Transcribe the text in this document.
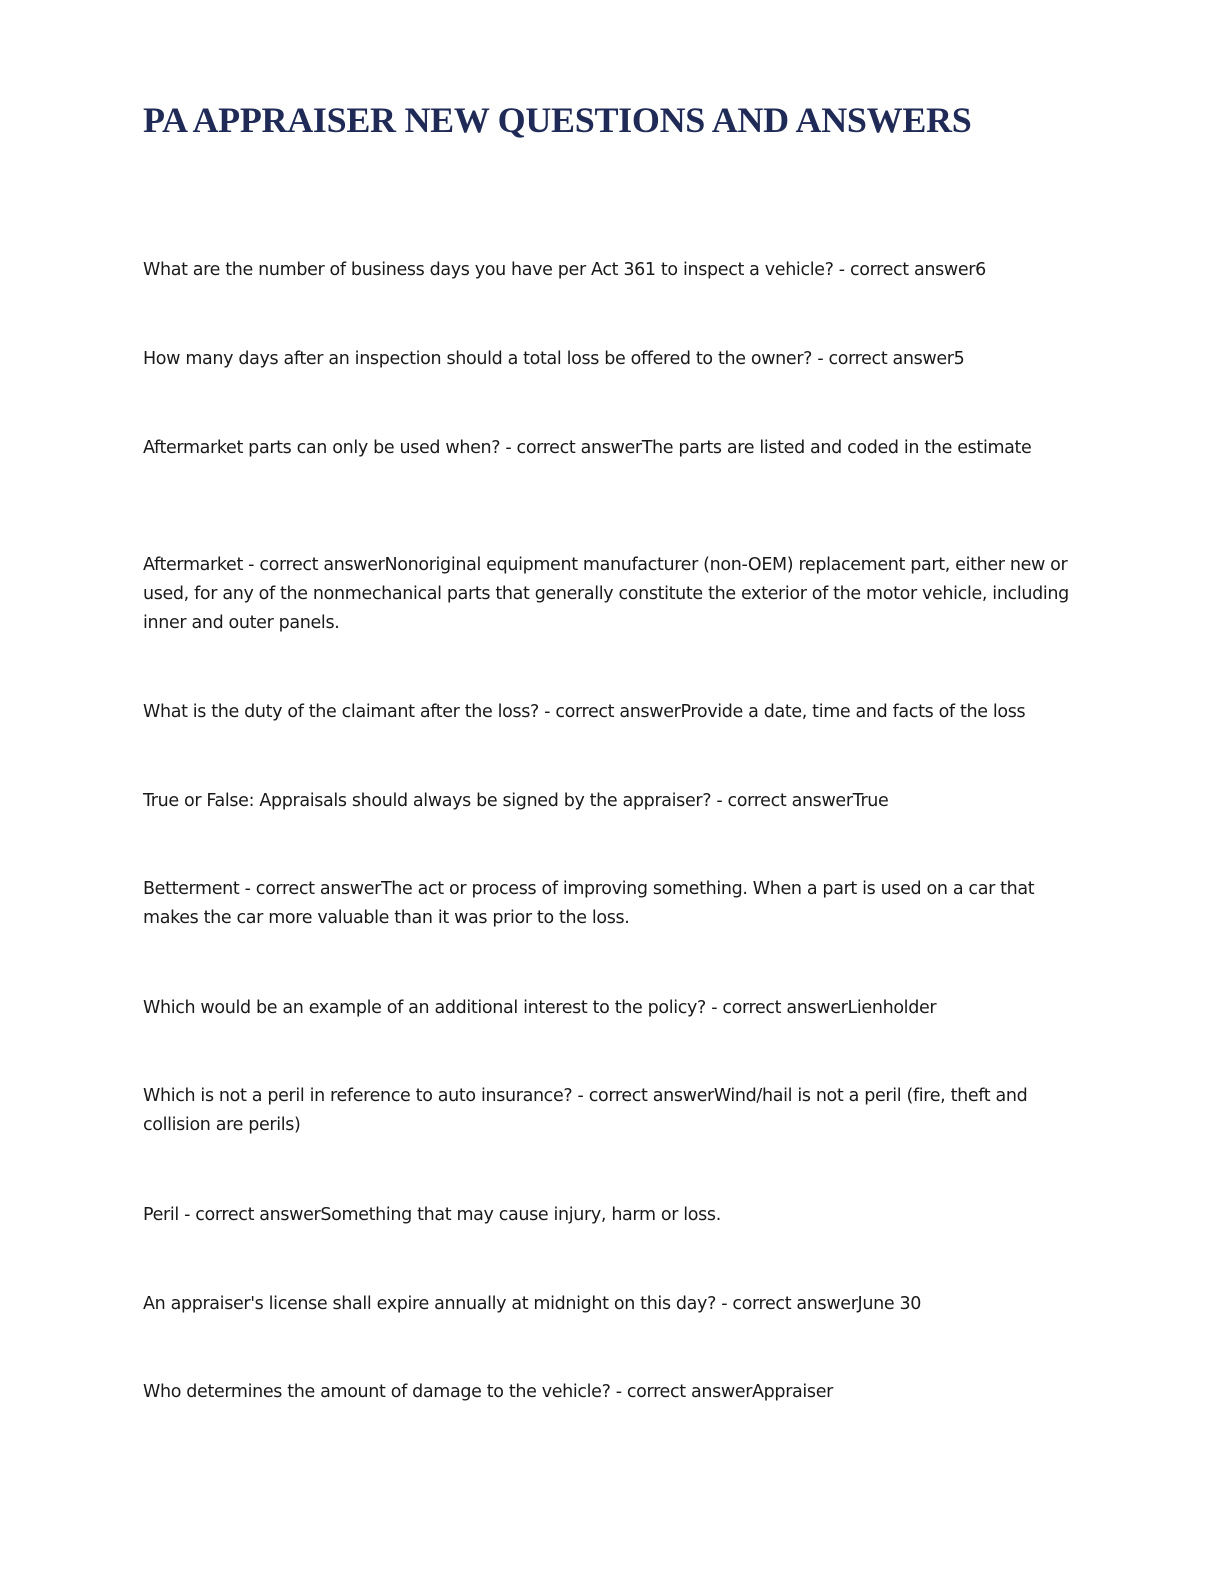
PA APPRAISER NEW QUESTIONS AND ANSWERS

What are the number of business days you have per Act 361 to inspect a vehicle? - correct answer6

How many days after an inspection should a total loss be offered to the owner? - correct answer5

Aftermarket parts can only be used when? - correct answerThe parts are listed and coded in the estimate

Aftermarket - correct answerNonoriginal equipment manufacturer (non-OEM) replacement part, either new or used, for any of the nonmechanical parts that generally constitute the exterior of the motor vehicle, including inner and outer panels.

What is the duty of the claimant after the loss? - correct answerProvide a date, time and facts of the loss

True or False: Appraisals should always be signed by the appraiser? - correct answerTrue

Betterment - correct answerThe act or process of improving something. When a part is used on a car that makes the car more valuable than it was prior to the loss.

Which would be an example of an additional interest to the policy? - correct answerLienholder

Which is not a peril in reference to auto insurance? - correct answerWind/hail is not a peril (fire, theft and collision are perils)

Peril - correct answerSomething that may cause injury, harm or loss.

An appraiser's license shall expire annually at midnight on this day? - correct answerJune 30

Who determines the amount of damage to the vehicle? - correct answerAppraiser
